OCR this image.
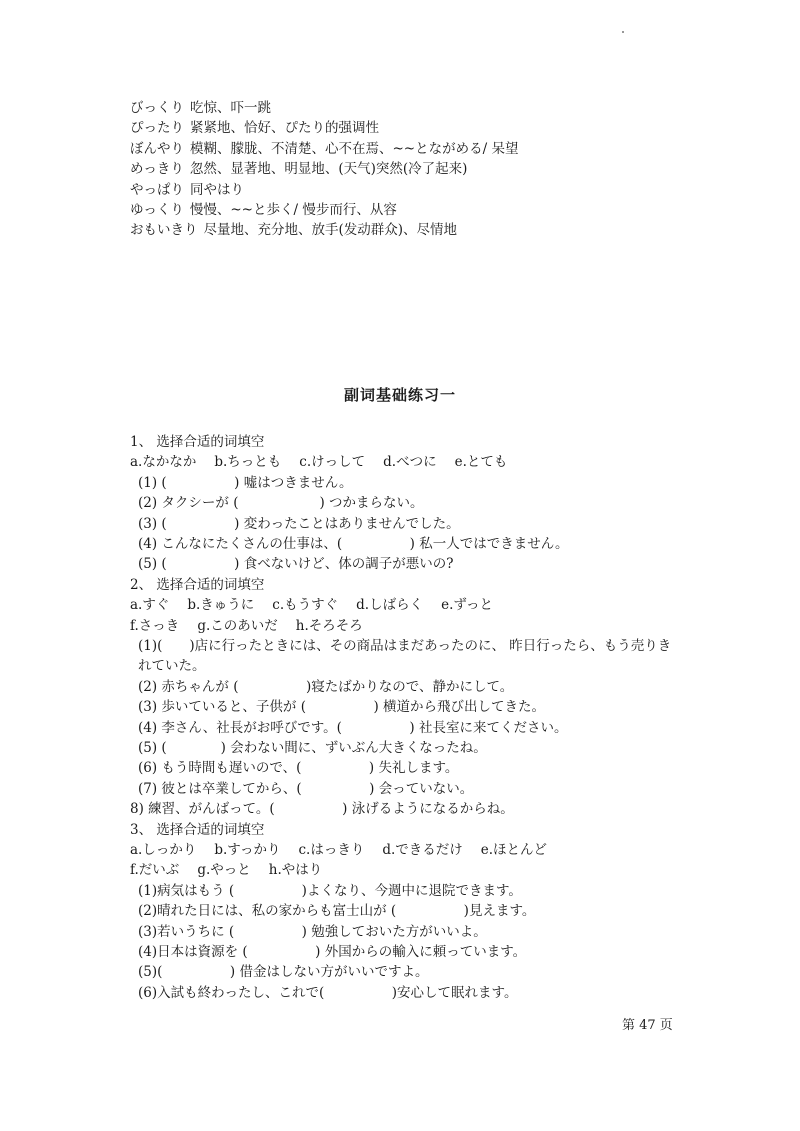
びっくり 吃惊、吓一跳
ぴったり 紧紧地、恰好、ぴたり的强调性
ぼんやり 模糊、朦胧、不清楚、心不在焉、~~とながめる/ 呆望
めっきり 忽然、显著地、明显地、(天气)突然(冷了起来)
やっぱり 同やはり
ゆっくり 慢慢、~~と歩く/ 慢步而行、从容
おもいきり 尽量地、充分地、放手(发动群众)、尽情地
副词基础练习一
1、 选择合适的词填空
a.なかなか b.ちっとも c.けっして d.べつに e.とても
(1) (　　　　　) 嘘はつきません。
(2) タクシーが (　　　　　　) つかまらない。
(3) (　　　　　) 変わったことはありませんでした。
(4) こんなにたくさんの仕事は、(　　　　　) 私一人ではできません。
(5) (　　　　　) 食べないけど、体の調子が悪いの?
2、 选择合适的词填空
a.すぐ b.きゅうに c.もうすぐ d.しばらく e.ずっと
f.さっき g.このあいだ h.そろそろ
(1)(　　)店に行ったときには、その商品はまだあったのに、 昨日行ったら、もう売りきれていた。
(2) 赤ちゃんが (　　　　　)寝たばかりなので、静かにして。
(3) 歩いていると、子供が (　　　　　) 横道から飛び出してきた。
(4) 李さん、社長がお呼びです。(　　　　　) 社長室に来てください。
(5) (　　　　) 会わない間に、ずいぶん大きくなったね。
(6) もう時間も遅いので、(　　　　　) 失礼します。
(7) 彼とは卒業してから、(　　　　　) 会っていない。
8) 練習、がんばって。(　　　　　) 泳げるようになるからね。
3、 选择合适的词填空
a.しっかり b.すっかり c.はっきり d.できるだけ e.ほとんど
f.だいぶ g.やっと h.やはり
(1)病気はもう (　　　　　)よくなり、今週中に退院できます。
(2)晴れた日には、私の家からも富士山が (　　　　　)見えます。
(3)若いうちに (　　　　　) 勉強しておいた方がいいよ。
(4)日本は資源を (　　　　　) 外国からの輸入に頼っています。
(5)(　　　　　) 借金はしない方がいいですよ。
(6)入試も終わったし、これで(　　　　　)安心して眠れます。
第 47 页
